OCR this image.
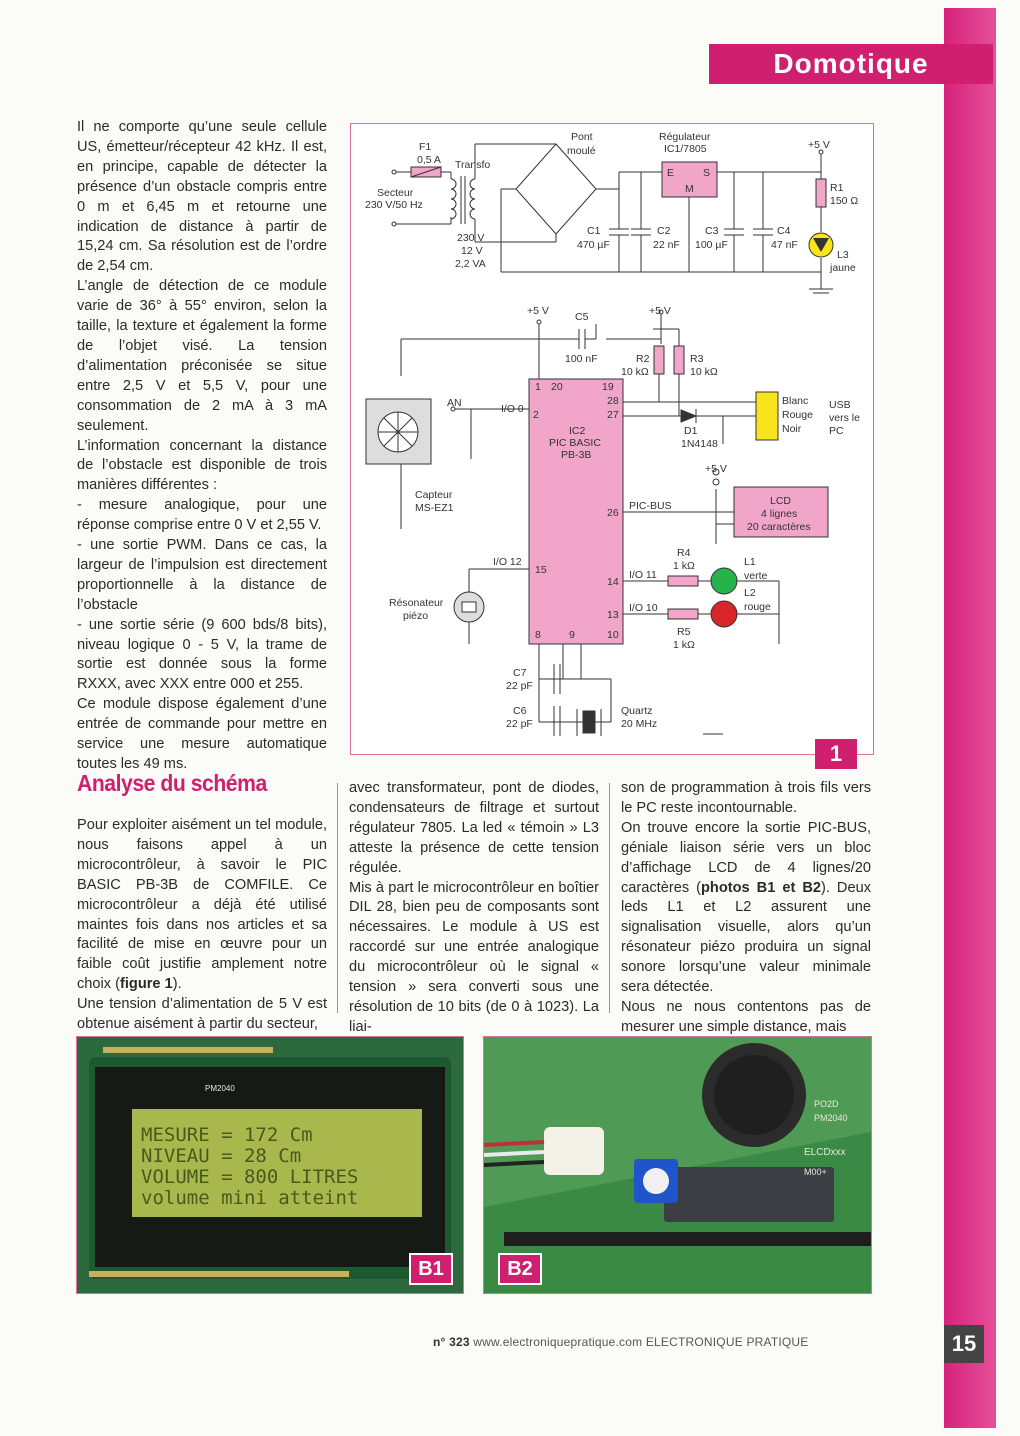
Domotique

Il ne comporte qu’une seule cellule US, émetteur/récepteur 42 kHz. Il est, en principe, capable de détecter la présence d’un obstacle compris entre 0 m et 6,45 m et retourne une indication de distance à partir de 15,24 cm. Sa résolution est de l’ordre de 2,54 cm.

L’angle de détection de ce module varie de 36° à 55° environ, selon la taille, la texture et également la forme de l’objet visé. La tension d’alimentation préconisée se situe entre 2,5 V et 5,5 V, pour une consommation de 2 mA à 3 mA seulement.

L’information concernant la distance de l’obstacle est disponible de trois manières différentes :

- mesure analogique, pour une réponse comprise entre 0 V et 2,55 V.

- une sortie PWM. Dans ce cas, la largeur de l’impulsion est directement proportionnelle à la distance de l’obstacle

- une sortie série (9 600 bds/8 bits), niveau logique 0 - 5 V, la trame de sortie est donnée sous la forme RXXX, avec XXX entre 000 et 255.

Ce module dispose également d’une entrée de commande pour mettre en service une mesure automatique toutes les 49 ms.

Analyse du schéma

Pour exploiter aisément un tel module, nous faisons appel à un microcontrôleur, à savoir le PIC BASIC PB-3B de COMFILE. Ce microcontrôleur a déjà été utilisé maintes fois dans nos articles et sa facilité de mise en œuvre pour un faible coût justifie amplement notre choix (figure 1).

Une tension d’alimentation de 5 V est obtenue aisément à partir du secteur,

avec transformateur, pont de diodes, condensateurs de filtrage et surtout régulateur 7805. La led « témoin » L3 atteste la présence de cette tension régulée.

Mis à part le microcontrôleur en boîtier DIL 28, bien peu de composants sont nécessaires. Le module à US est raccordé sur une entrée analogique du microcontrôleur où le signal « tension » sera converti sous une résolution de 10 bits (de 0 à 1023). La liai-

son de programmation à trois fils vers le PC reste incontournable.

On trouve encore la sortie PIC-BUS, géniale liaison série vers un bloc d’affichage LCD de 4 lignes/20 caractères (photos B1 et B2). Deux leds L1 et L2 assurent une signalisation visuelle, alors qu’un résonateur piézo produira un signal sonore lorsqu’une valeur minimale sera détectée.

Nous ne nous contentons pas de mesurer une simple distance, mais

F1
0,5 A Transfo
Secteur
230 V/50 Hz
230 V
12 V
2,2 VA
Pont
moulé
Régulateur
IC1/7805
E	S
M
+5 V
R1
150 Ω
L3
jaune
C1
470 µF
C2
22 nF
C3
100 µF
C4
47 nF
+5 V C5
100 nF
+5 V
R2
10 kΩ
R3
10 kΩ
AN	I/O 0
IC2
PIC BASIC
PB-3B
1 20	19
28
27
2
26
15
14
13
8	9	10
D1
1N4148
Blanc
Rouge
Noir
USB
vers le
PC
Capteur
MS-EZ1
+5 V
PIC-BUS	LCD
4 lignes
20 caractères
I/O 12
I/O 11
I/O 10
R4
1 kΩ
R5
1 kΩ
L1
verte
L2
rouge
Résonateur
piézo
C7
22 pF
C6
22 pF
Quartz
20 MHz
1
PM2040
MESURE = 172 Cm
NIVEAU = 28 Cm
VOLUME = 800 LITRES
volume mini atteint
B1
ELCDxxx
M00+
PO2D
PM2040
B2
n° 323 www.electroniquepratique.com ELECTRONIQUE PRATIQUE	15
